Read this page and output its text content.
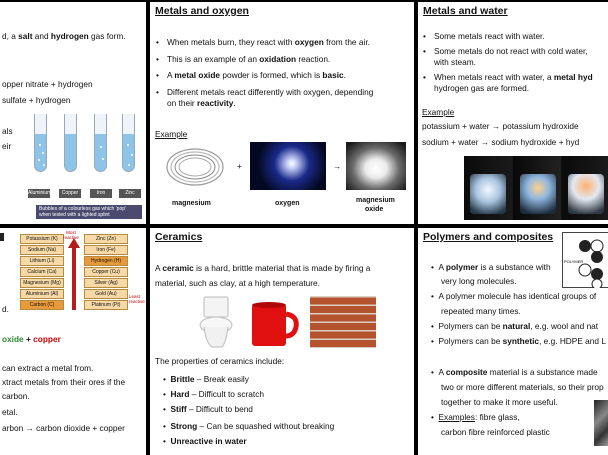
d, a salt and hydrogen gas form.
opper nitrate + hydrogen
sulfate + hydrogen
als
eir
Aluminium	Copper	Iron	Zinc
Bubbles of a colourless gas which 'pop' when tested with a lighted splint
Metals and oxygen
• When metals burn, they react with oxygen from the air.
• This is an example of an oxidation reaction.
• A metal oxide powder is formed, which is basic.
• Different metals react differently with oxygen, depending
on their reactivity.
Example
+	→
magnesium	oxygen	magnesium
oxide
Metals and water
• Some metals react with water.
• Some metals do not react with cold water,
with steam.
• When metals react with water, a metal hyd
hydrogen gas are formed.
Example
potassium + water → potassium hydroxide
sodium + water → sodium hydroxide + hyd
Potassium (K)
Sodium (Na)
Lithium (Li)
Calcium (Ca)
Magnesium (Mg)
Aluminium (Al)
Carbon (C)
Zinc (Zn)
Iron (Fe)
Hydrogen (H)
Copper (Cu)
Silver (Ag)
Gold (Au)
Platinum (Pt)
Most reactive
Least reactive
d.
oxide + copper
can extract a metal from.
xtract metals from their ores if the
carbon.
etal.
arbon → carbon dioxide + copper
Ceramics
A ceramic is a hard, brittle material that is made by firing a
material, such as clay, at a high temperature.
The properties of ceramics include:
•  Brittle – Break easily
•  Hard – Difficult to scratch
•  Stiff – Difficult to bend
•  Strong – Can be squashed without breaking
•  Unreactive in water
Polymers and composites
POLYMER
•  A polymer is a substance with
very long molecules.
•  A polymer molecule has identical groups of
repeated many times.
•  Polymers can be natural, e.g. wool and nat
•  Polymers can be synthetic, e.g. HDPE and L
•  A composite material is a substance made
two or more different materials, so their prop
together to make it more useful.
•  Examples: fibre glass,
carbon fibre reinforced plastic
